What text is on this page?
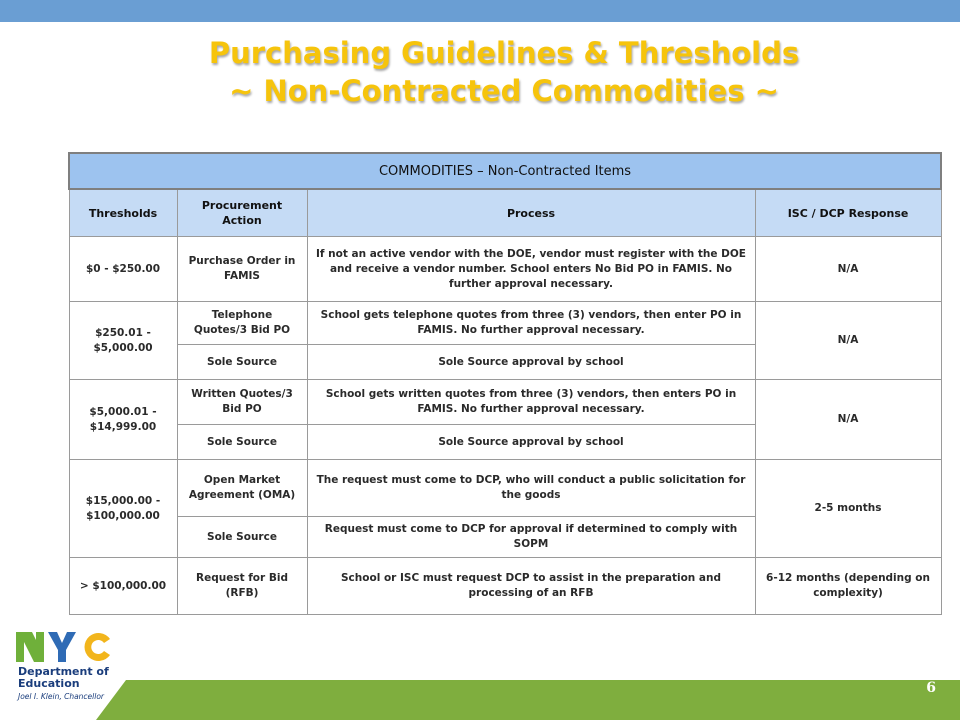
Purchasing Guidelines & Thresholds
~ Non-Contracted Commodities ~
COMMODITIES – Non-Contracted Items			
Thresholds	Procurement Action	Process	ISC / DCP Response
$0 - $250.00	Purchase Order in FAMIS	If not an active vendor with the DOE, vendor must register with the DOE and receive a vendor number. School enters No Bid PO in FAMIS. No further approval necessary.	N/A
$250.01 - $5,000.00	Telephone Quotes/3 Bid PO	School gets telephone quotes from three (3) vendors, then enter PO in FAMIS. No further approval necessary.	N/A
	Sole Source	Sole Source approval by school	
$5,000.01 - $14,999.00	Written Quotes/3 Bid PO	School gets written quotes from three (3) vendors, then enters PO in FAMIS. No further approval necessary.	N/A
	Sole Source	Sole Source approval by school	
$15,000.00 - $100,000.00	Open Market Agreement (OMA)	The request must come to DCP, who will conduct a public solicitation for the goods	2-5 months
	Sole Source	Request must come to DCP for approval if determined to comply with SOPM	
> $100,000.00	Request for Bid (RFB)	School or ISC must request DCP to assist in the preparation and processing of an RFB	6-12 months (depending on complexity)
Department of Education
Joel I. Klein, Chancellor
6
